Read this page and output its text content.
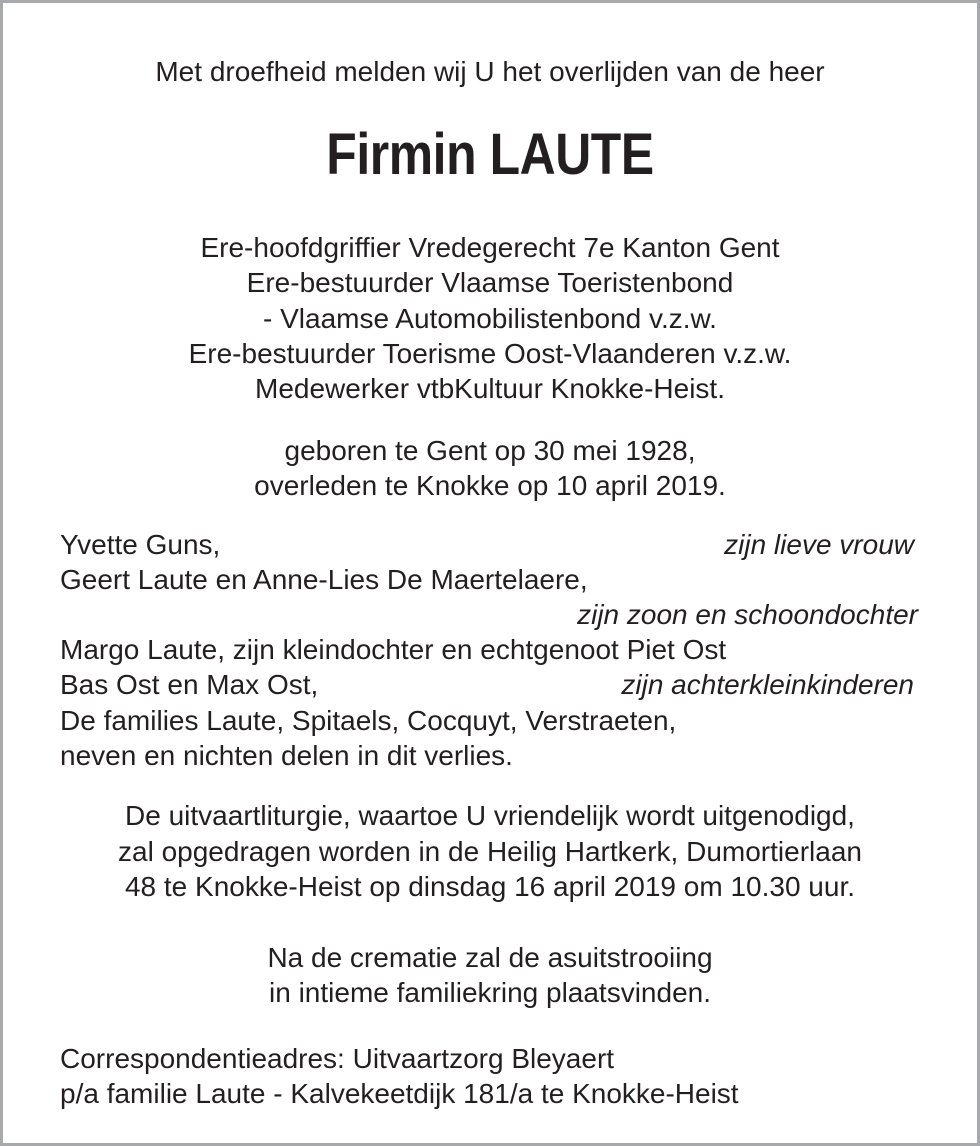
Met droefheid melden wij U het overlijden van de heer
Firmin LAUTE
Ere-hoofdgriffier Vredegerecht 7e Kanton Gent
Ere-bestuurder Vlaamse Toeristenbond
- Vlaamse Automobilistenbond v.z.w.
Ere-bestuurder Toerisme Oost-Vlaanderen v.z.w.
Medewerker vtbKultuur Knokke-Heist.
geboren te Gent op 30 mei 1928,
overleden te Knokke op 10 april 2019.
Yvette Guns,	zijn lieve vrouw
Geert Laute en Anne-Lies De Maertelaere,
zijn zoon en schoondochter
Margo Laute, zijn kleindochter en echtgenoot Piet Ost
Bas Ost en Max Ost,	zijn achterkleinkinderen
De families Laute, Spitaels, Cocquyt, Verstraeten,
neven en nichten delen in dit verlies.
De uitvaartliturgie, waartoe U vriendelijk wordt uitgenodigd,
zal opgedragen worden in de Heilig Hartkerk, Dumortierlaan
48 te Knokke-Heist op dinsdag 16 april 2019 om 10.30 uur.
Na de crematie zal de asuitstrooiing
in intieme familiekring plaatsvinden.
Correspondentieadres: Uitvaartzorg Bleyaert
p/a familie Laute - Kalvekeetdijk 181/a te Knokke-Heist
